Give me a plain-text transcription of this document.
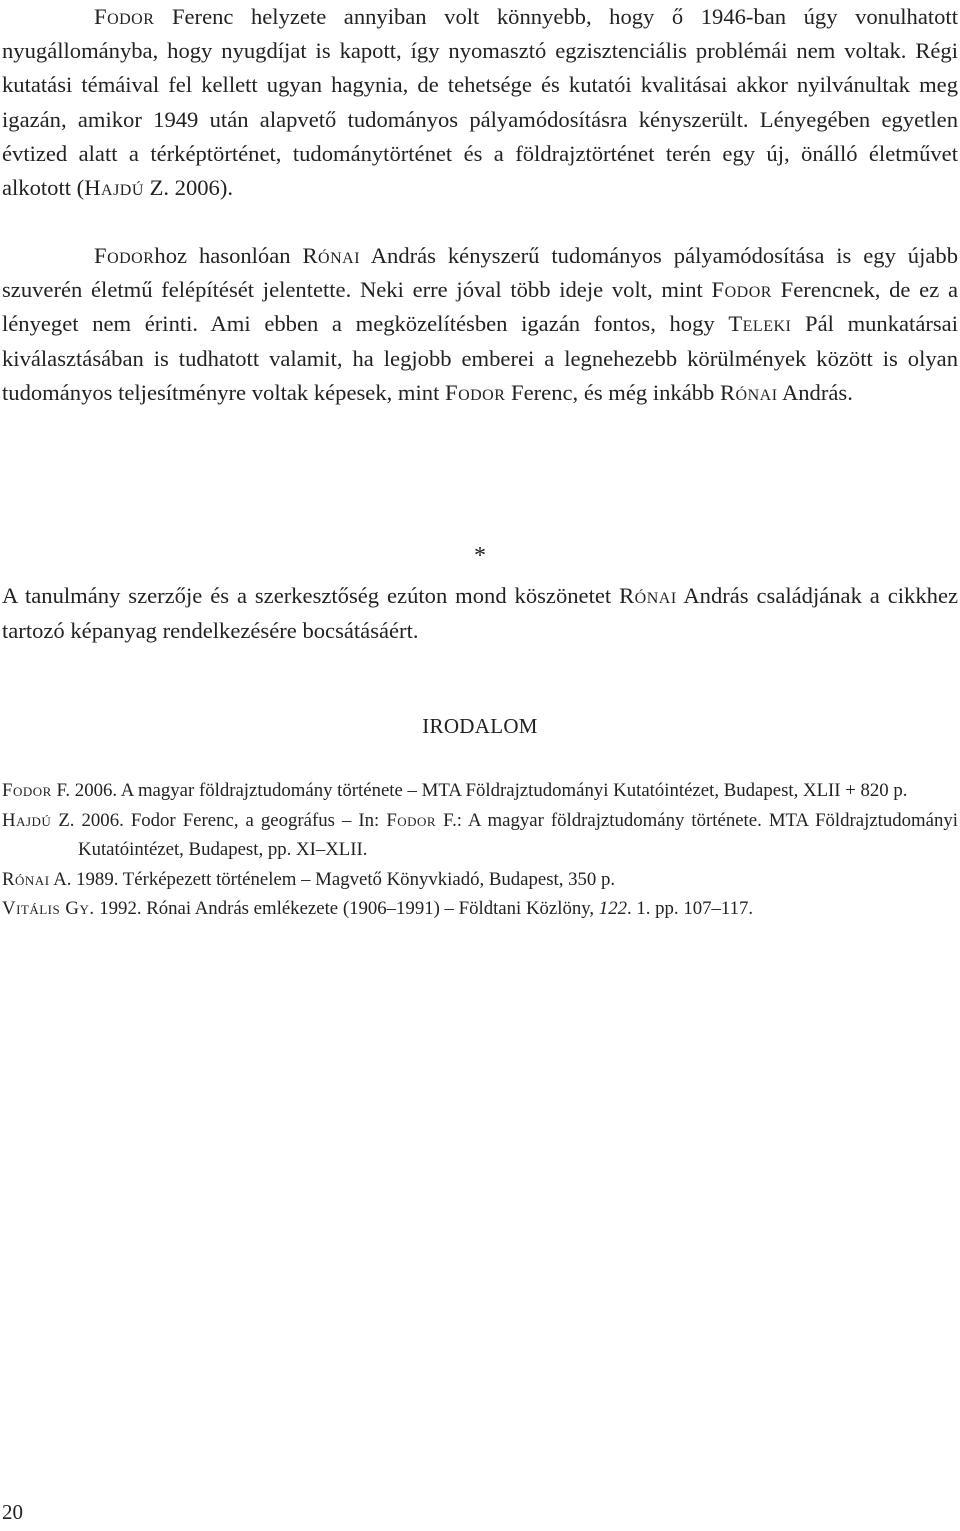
Fodor Ferenc helyzete annyiban volt könnyebb, hogy ő 1946-ban úgy vonulhatott nyugállományba, hogy nyugdíjat is kapott, így nyomasztó egzisztenciális problémái nem voltak. Régi kutatási témáival fel kellett ugyan hagynia, de tehetsége és kutatói kvalitásai akkor nyilvánultak meg igazán, amikor 1949 után alapvető tudományos pályamódosításra kényszerült. Lényegében egyetlen évtized alatt a térképtörténet, tudománytörténet és a földrajztörténet terén egy új, önálló életművet alkotott (Hajdú Z. 2006).

Fodorhoz hasonlóan Rónai András kényszerű tudományos pályamódosítása is egy újabb szuverén életmű felépítését jelentette. Neki erre jóval több ideje volt, mint Fodor Ferencnek, de ez a lényeget nem érinti. Ami ebben a megközelítésben igazán fontos, hogy Teleki Pál munkatársai kiválasztásában is tudhatott valamit, ha legjobb emberei a legnehezebb körülmények között is olyan tudományos teljesítményre voltak képesek, mint Fodor Ferenc, és még inkább Rónai András.

*

A tanulmány szerzője és a szerkesztőség ezúton mond köszönetet Rónai András családjának a cikkhez tartozó képanyag rendelkezésére bocsátásáért.

IRODALOM
Fodor F. 2006. A magyar földrajztudomány története – MTA Földrajztudományi Kutatóintézet, Budapest, XLII + 820 p.
Hajdú Z. 2006. Fodor Ferenc, a geográfus – In: Fodor F.: A magyar földrajztudomány története. MTA Földrajztudományi Kutatóintézet, Budapest, pp. XI–XLII.
Rónai A. 1989. Térképezett történelem – Magvető Könyvkiadó, Budapest, 350 p.
Vitális Gy. 1992. Rónai András emlékezete (1906–1991) – Földtani Közlöny, 122. 1. pp. 107–117.
20
